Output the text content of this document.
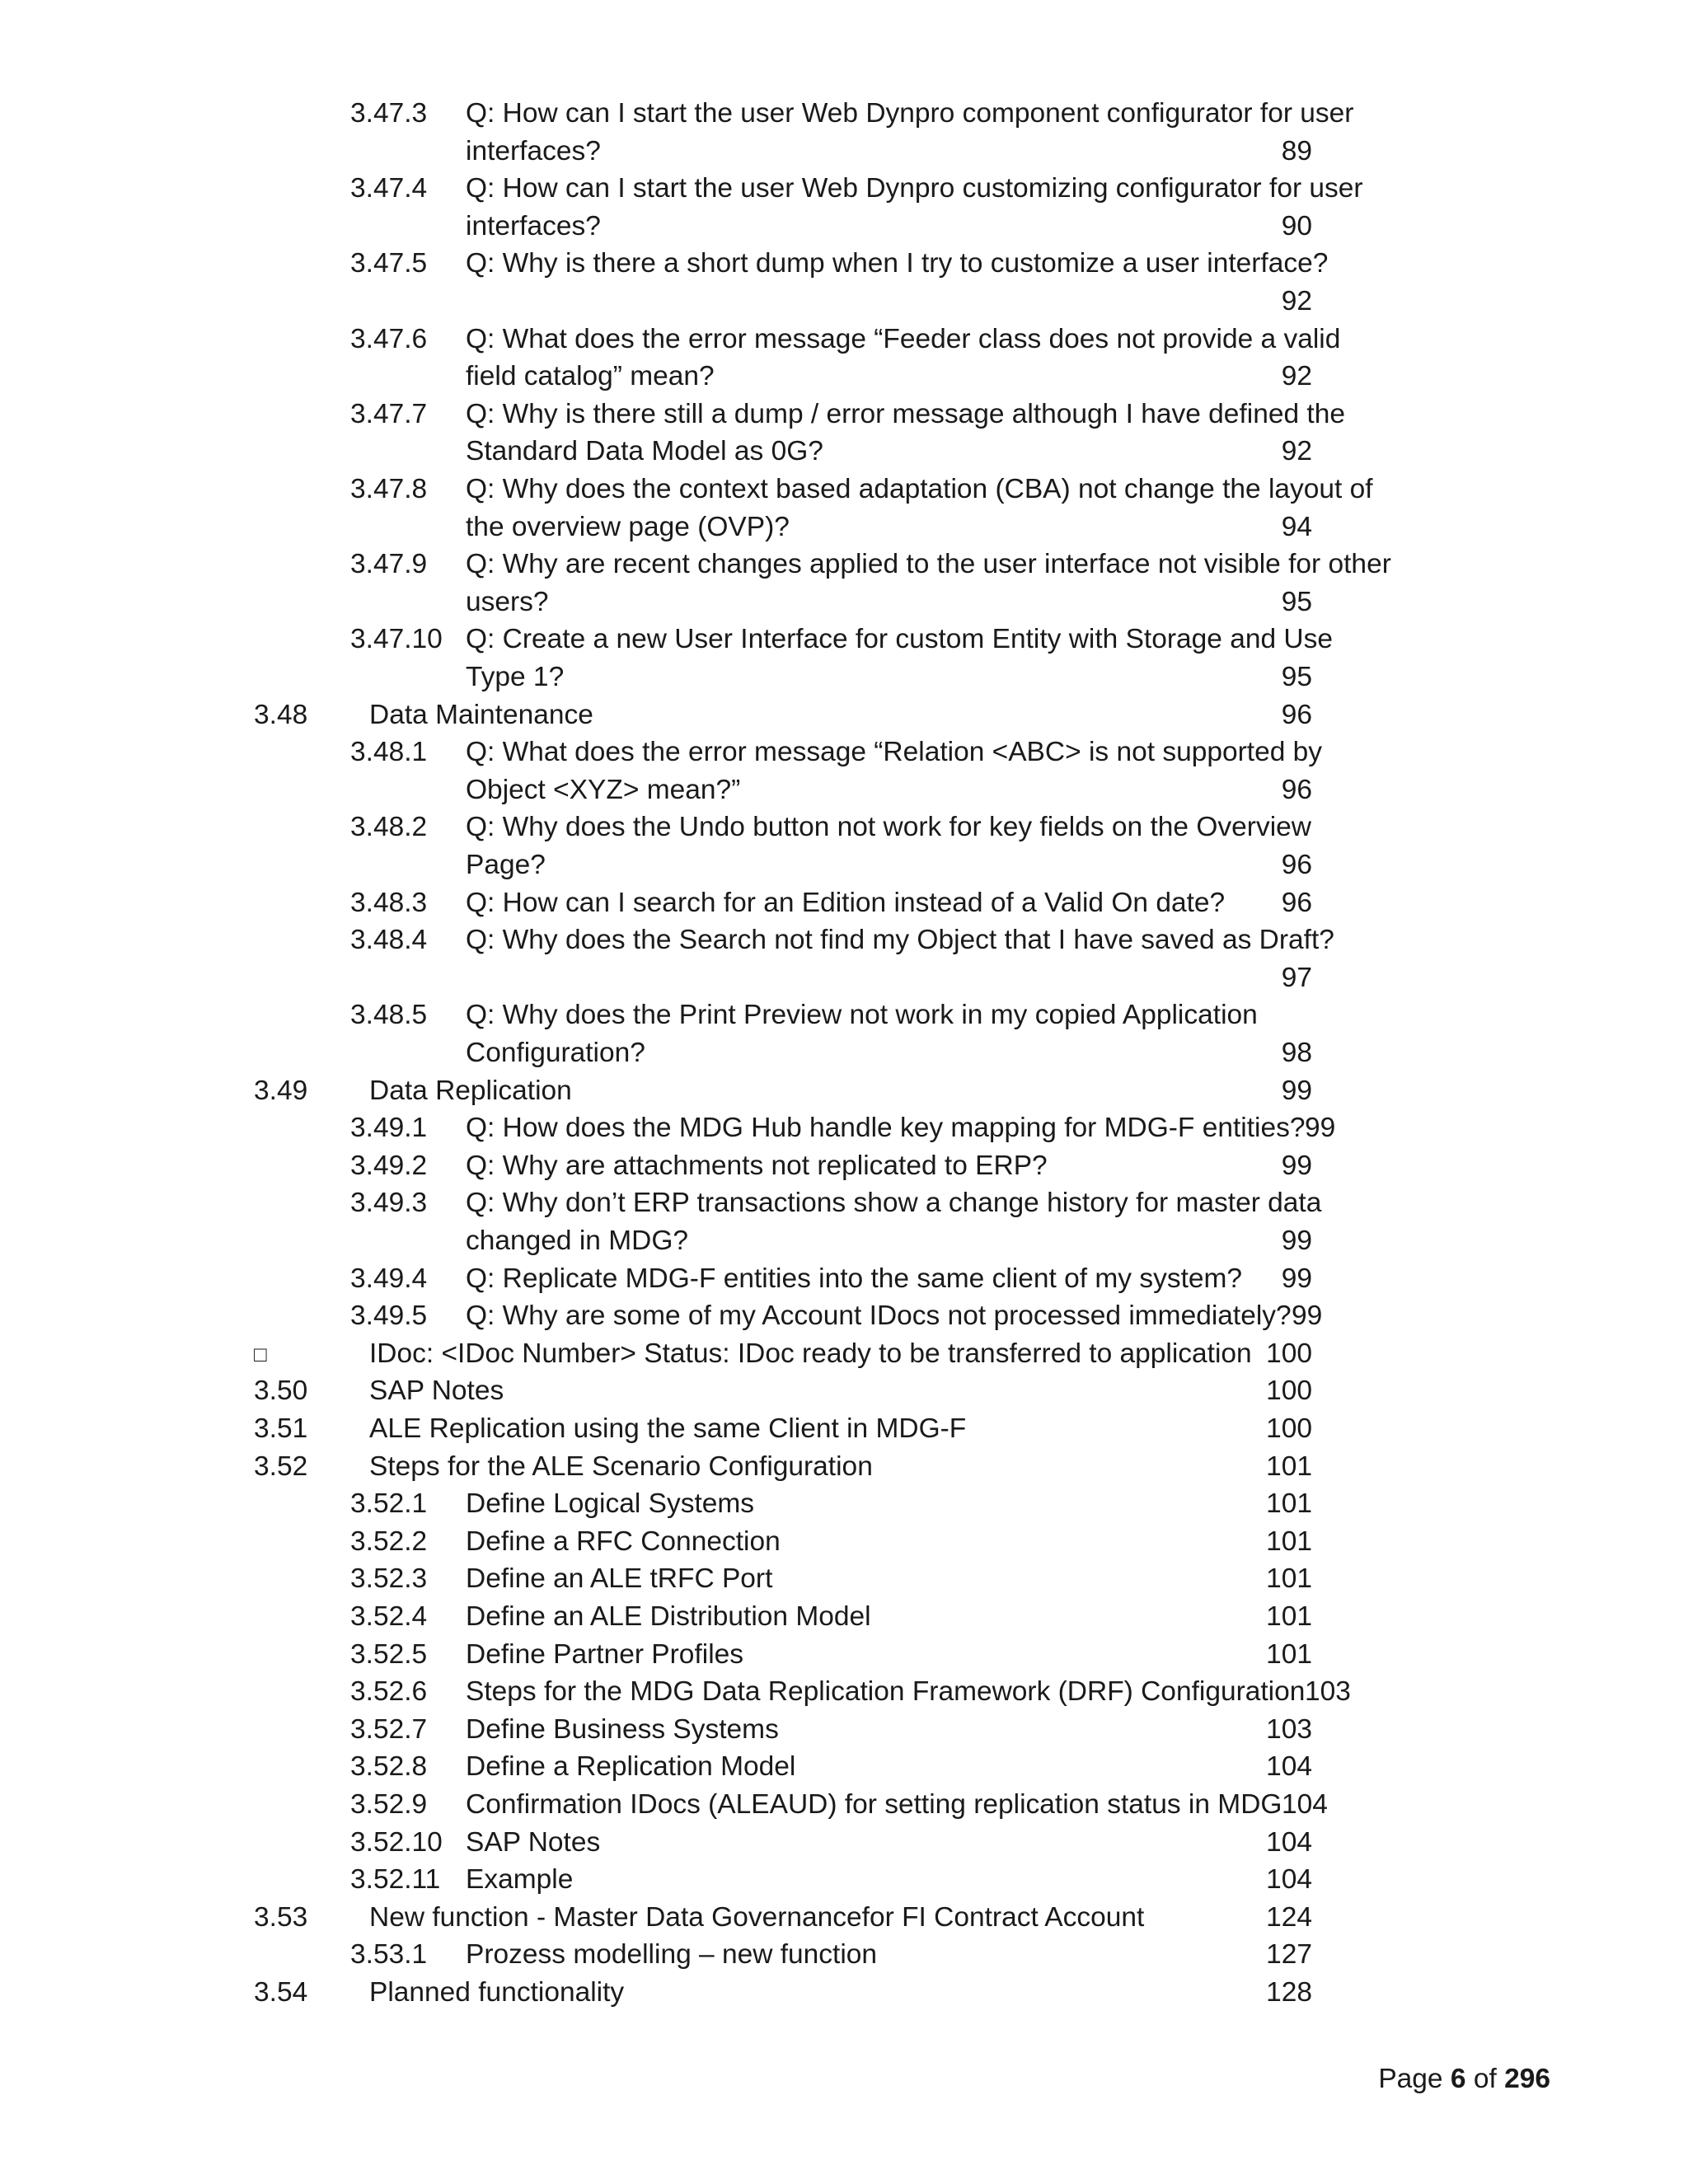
3.47.3 Q: How can I start the user Web Dynpro component configurator for user
interfaces?	89
3.47.4 Q: How can I start the user Web Dynpro customizing configurator for user
interfaces?	90
3.47.5 Q: Why is there a short dump when I try to customize a user interface?
92
3.47.6 Q: What does the error message “Feeder class does not provide a valid
field catalog” mean?	92
3.47.7 Q: Why is there still a dump / error message although I have defined the
Standard Data Model as 0G?	92
3.47.8 Q: Why does the context based adaptation (CBA) not change the layout of
the overview page (OVP)?	94
3.47.9 Q: Why are recent changes applied to the user interface not visible for other
users?	95
3.47.10 Q: Create a new User Interface for custom Entity with Storage and Use
Type 1?	95
3.48 Data Maintenance	96
3.48.1 Q: What does the error message “Relation <ABC> is not supported by
Object <XYZ> mean?”	96
3.48.2 Q: Why does the Undo button not work for key fields on the Overview
Page?	96
3.48.3 Q: How can I search for an Edition instead of a Valid On date? 96
3.48.4 Q: Why does the Search not find my Object that I have saved as Draft?
97
3.48.5 Q: Why does the Print Preview not work in my copied Application
Configuration?	98
3.49 Data Replication	99
3.49.1 Q: How does the MDG Hub handle key mapping for MDG-F entities? 99
3.49.2 Q: Why are attachments not replicated to ERP?	99
3.49.3 Q: Why don’t ERP transactions show a change history for master data
changed in MDG?	99
3.49.4 Q: Replicate MDG-F entities into the same client of my system? 99
3.49.5 Q: Why are some of my Account IDocs not processed immediately? 99
□	IDoc: <IDoc Number> Status: IDoc ready to be transferred to application 100
3.50 SAP Notes	100
3.51 ALE Replication using the same Client in MDG-F	100
3.52 Steps for the ALE Scenario Configuration	101
3.52.1 Define Logical Systems	101
3.52.2 Define a RFC Connection	101
3.52.3 Define an ALE tRFC Port	101
3.52.4 Define an ALE Distribution Model	101
3.52.5 Define Partner Profiles	101
3.52.6 Steps for the MDG Data Replication Framework (DRF) Configuration 103
3.52.7 Define Business Systems	103
3.52.8 Define a Replication Model	104
3.52.9 Confirmation IDocs (ALEAUD) for setting replication status in MDG 104
3.52.10 SAP Notes	104
3.52.11 Example	104
3.53 New function - Master Data Governancefor FI Contract Account	124
3.53.1 Prozess modelling – new function	127
3.54 Planned functionality	128
Page 6 of 296
